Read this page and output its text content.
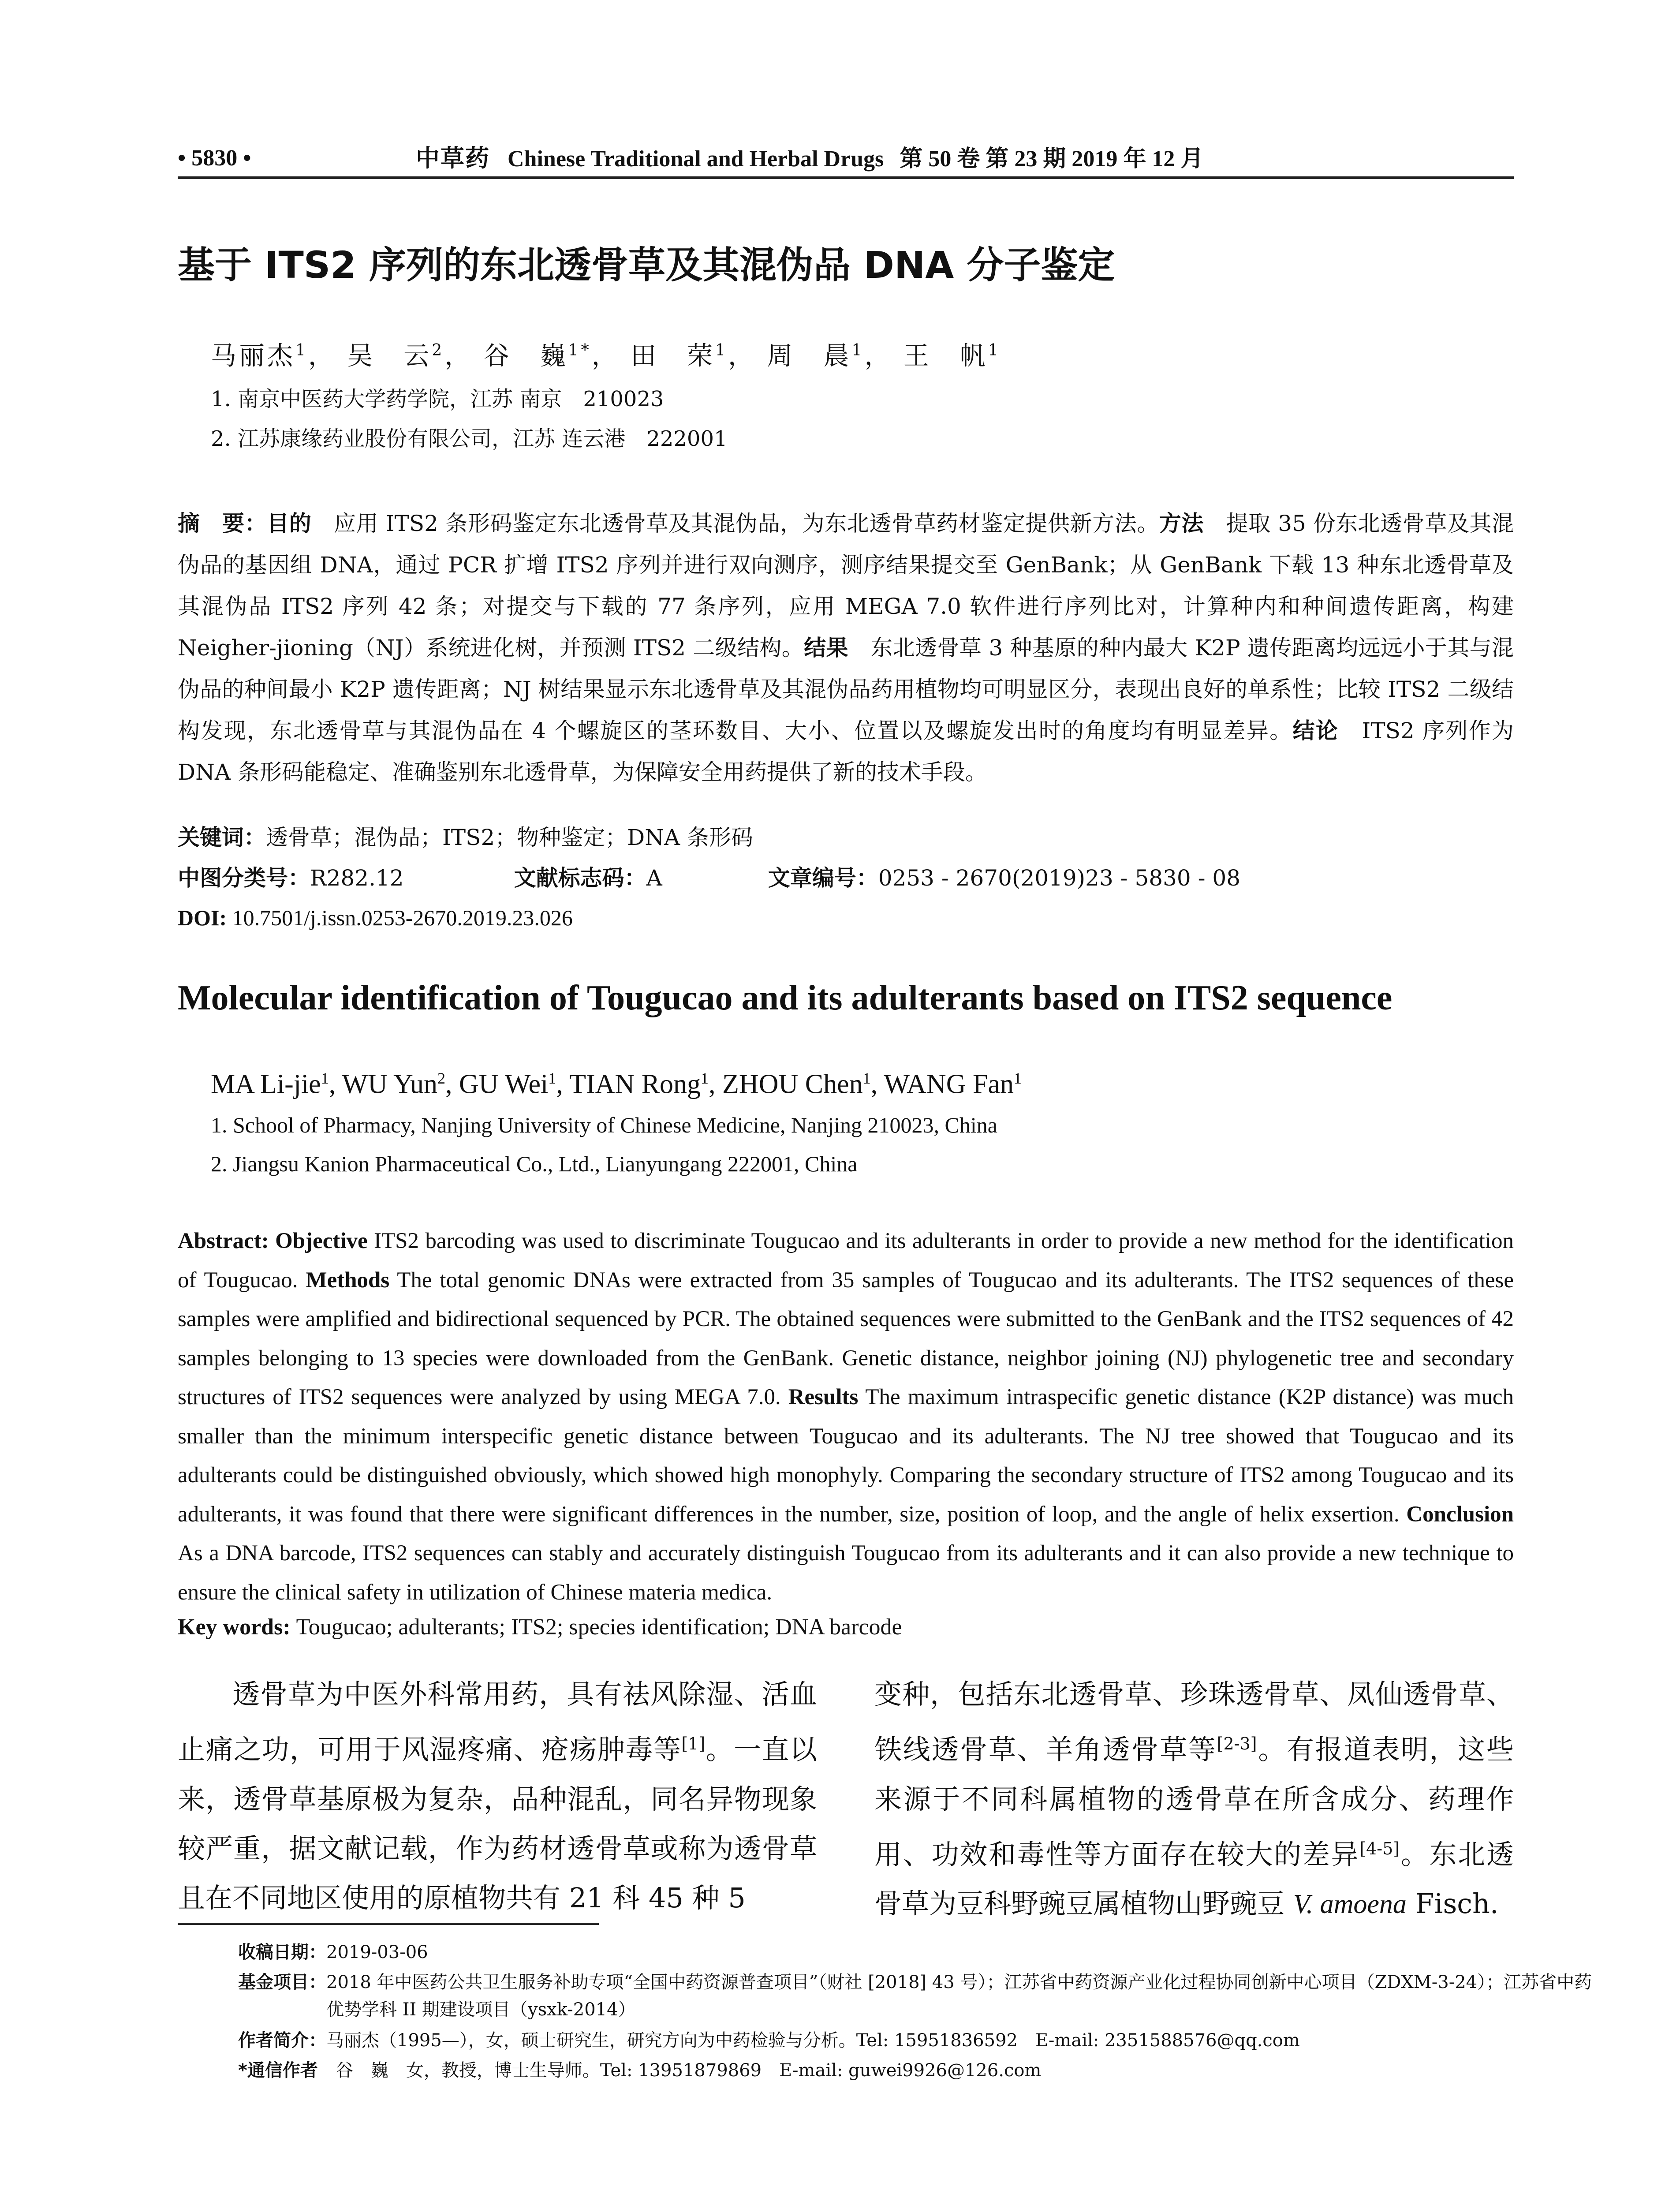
• 5830 •	中草药 Chinese Traditional and Herbal Drugs 第 50 卷 第 23 期 2019 年 12 月
基于 ITS2 序列的东北透骨草及其混伪品 DNA 分子鉴定
马丽杰$^1$， 吴　云$^2$， 谷　巍$^{1*}$， 田　荣$^1$， 周　晨$^1$， 王　帆$^1$
1. 南京中医药大学药学院，江苏 南京　210023
2. 江苏康缘药业股份有限公司，江苏 连云港　222001
摘　要：目的　应用 ITS2 条形码鉴定东北透骨草及其混伪品，为东北透骨草药材鉴定提供新方法。方法　提取 35 份东北透骨草及其混伪品的基因组 DNA，通过 PCR 扩增 ITS2 序列并进行双向测序，测序结果提交至 GenBank；从 GenBank 下载 13 种东北透骨草及其混伪品 ITS2 序列 42 条；对提交与下载的 77 条序列，应用 MEGA 7.0 软件进行序列比对，计算种内和种间遗传距离，构建 Neigher-jioning（NJ）系统进化树，并预测 ITS2 二级结构。结果　东北透骨草 3 种基原的种内最大 K2P 遗传距离均远远小于其与混伪品的种间最小 K2P 遗传距离；NJ 树结果显示东北透骨草及其混伪品药用植物均可明显区分，表现出良好的单系性；比较 ITS2 二级结构发现，东北透骨草与其混伪品在 4 个螺旋区的茎环数目、大小、位置以及螺旋发出时的角度均有明显差异。结论　ITS2 序列作为 DNA 条形码能稳定、准确鉴别东北透骨草，为保障安全用药提供了新的技术手段。
关键词：透骨草；混伪品；ITS2；物种鉴定；DNA 条形码
中图分类号：R282.12	文献标志码：A	文章编号：0253 - 2670(2019)23 - 5830 - 08
DOI: 10.7501/j.issn.0253-2670.2019.23.026
Molecular identification of Tougucao and its adulterants based on ITS2 sequence
MA Li-jie$^1$, WU Yun$^2$, GU Wei$^1$, TIAN Rong$^1$, ZHOU Chen$^1$, WANG Fan$^1$
1. School of Pharmacy, Nanjing University of Chinese Medicine, Nanjing 210023, China
2. Jiangsu Kanion Pharmaceutical Co., Ltd., Lianyungang 222001, China
Abstract: Objective ITS2 barcoding was used to discriminate Tougucao and its adulterants in order to provide a new method for the identification of Tougucao. Methods The total genomic DNAs were extracted from 35 samples of Tougucao and its adulterants. The ITS2 sequences of these samples were amplified and bidirectional sequenced by PCR. The obtained sequences were submitted to the GenBank and the ITS2 sequences of 42 samples belonging to 13 species were downloaded from the GenBank. Genetic distance, neighbor joining (NJ) phylogenetic tree and secondary structures of ITS2 sequences were analyzed by using MEGA 7.0. Results The maximum intraspecific genetic distance (K2P distance) was much smaller than the minimum interspecific genetic distance between Tougucao and its adulterants. The NJ tree showed that Tougucao and its adulterants could be distinguished obviously, which showed high monophyly. Comparing the secondary structure of ITS2 among Tougucao and its adulterants, it was found that there were significant differences in the number, size, position of loop, and the angle of helix exsertion. Conclusion As a DNA barcode, ITS2 sequences can stably and accurately distinguish Tougucao from its adulterants and it can also provide a new technique to ensure the clinical safety in utilization of Chinese materia medica.
Key words: Tougucao; adulterants; ITS2; species identification; DNA barcode
透骨草为中医外科常用药，具有祛风除湿、活血止痛之功，可用于风湿疼痛、疮疡肿毒等[1]。一直以来，透骨草基原极为复杂，品种混乱，同名异物现象较严重，据文献记载，作为药材透骨草或称为透骨草且在不同地区使用的原植物共有 21 科 45 种 5
变种，包括东北透骨草、珍珠透骨草、凤仙透骨草、铁线透骨草、羊角透骨草等[2-3]。有报道表明，这些来源于不同科属植物的透骨草在所含成分、药理作用、功效和毒性等方面存在较大的差异[4-5]。东北透骨草为豆科野豌豆属植物山野豌豆 V. amoena Fisch.
收稿日期：2019-03-06
基金项目：2018 年中医药公共卫生服务补助专项“全国中药资源普查项目”（财社 [2018] 43 号）；江苏省中药资源产业化过程协同创新中心项目（ZDXM-3-24）；江苏省中药优势学科 II 期建设项目（ysxk-2014）
作者简介：马丽杰（1995—），女，硕士研究生，研究方向为中药检验与分析。Tel: 15951836592　E-mail: 2351588576@qq.com
*通信作者　谷　巍　女，教授，博士生导师。Tel: 13951879869　E-mail: guwei9926@126.com
